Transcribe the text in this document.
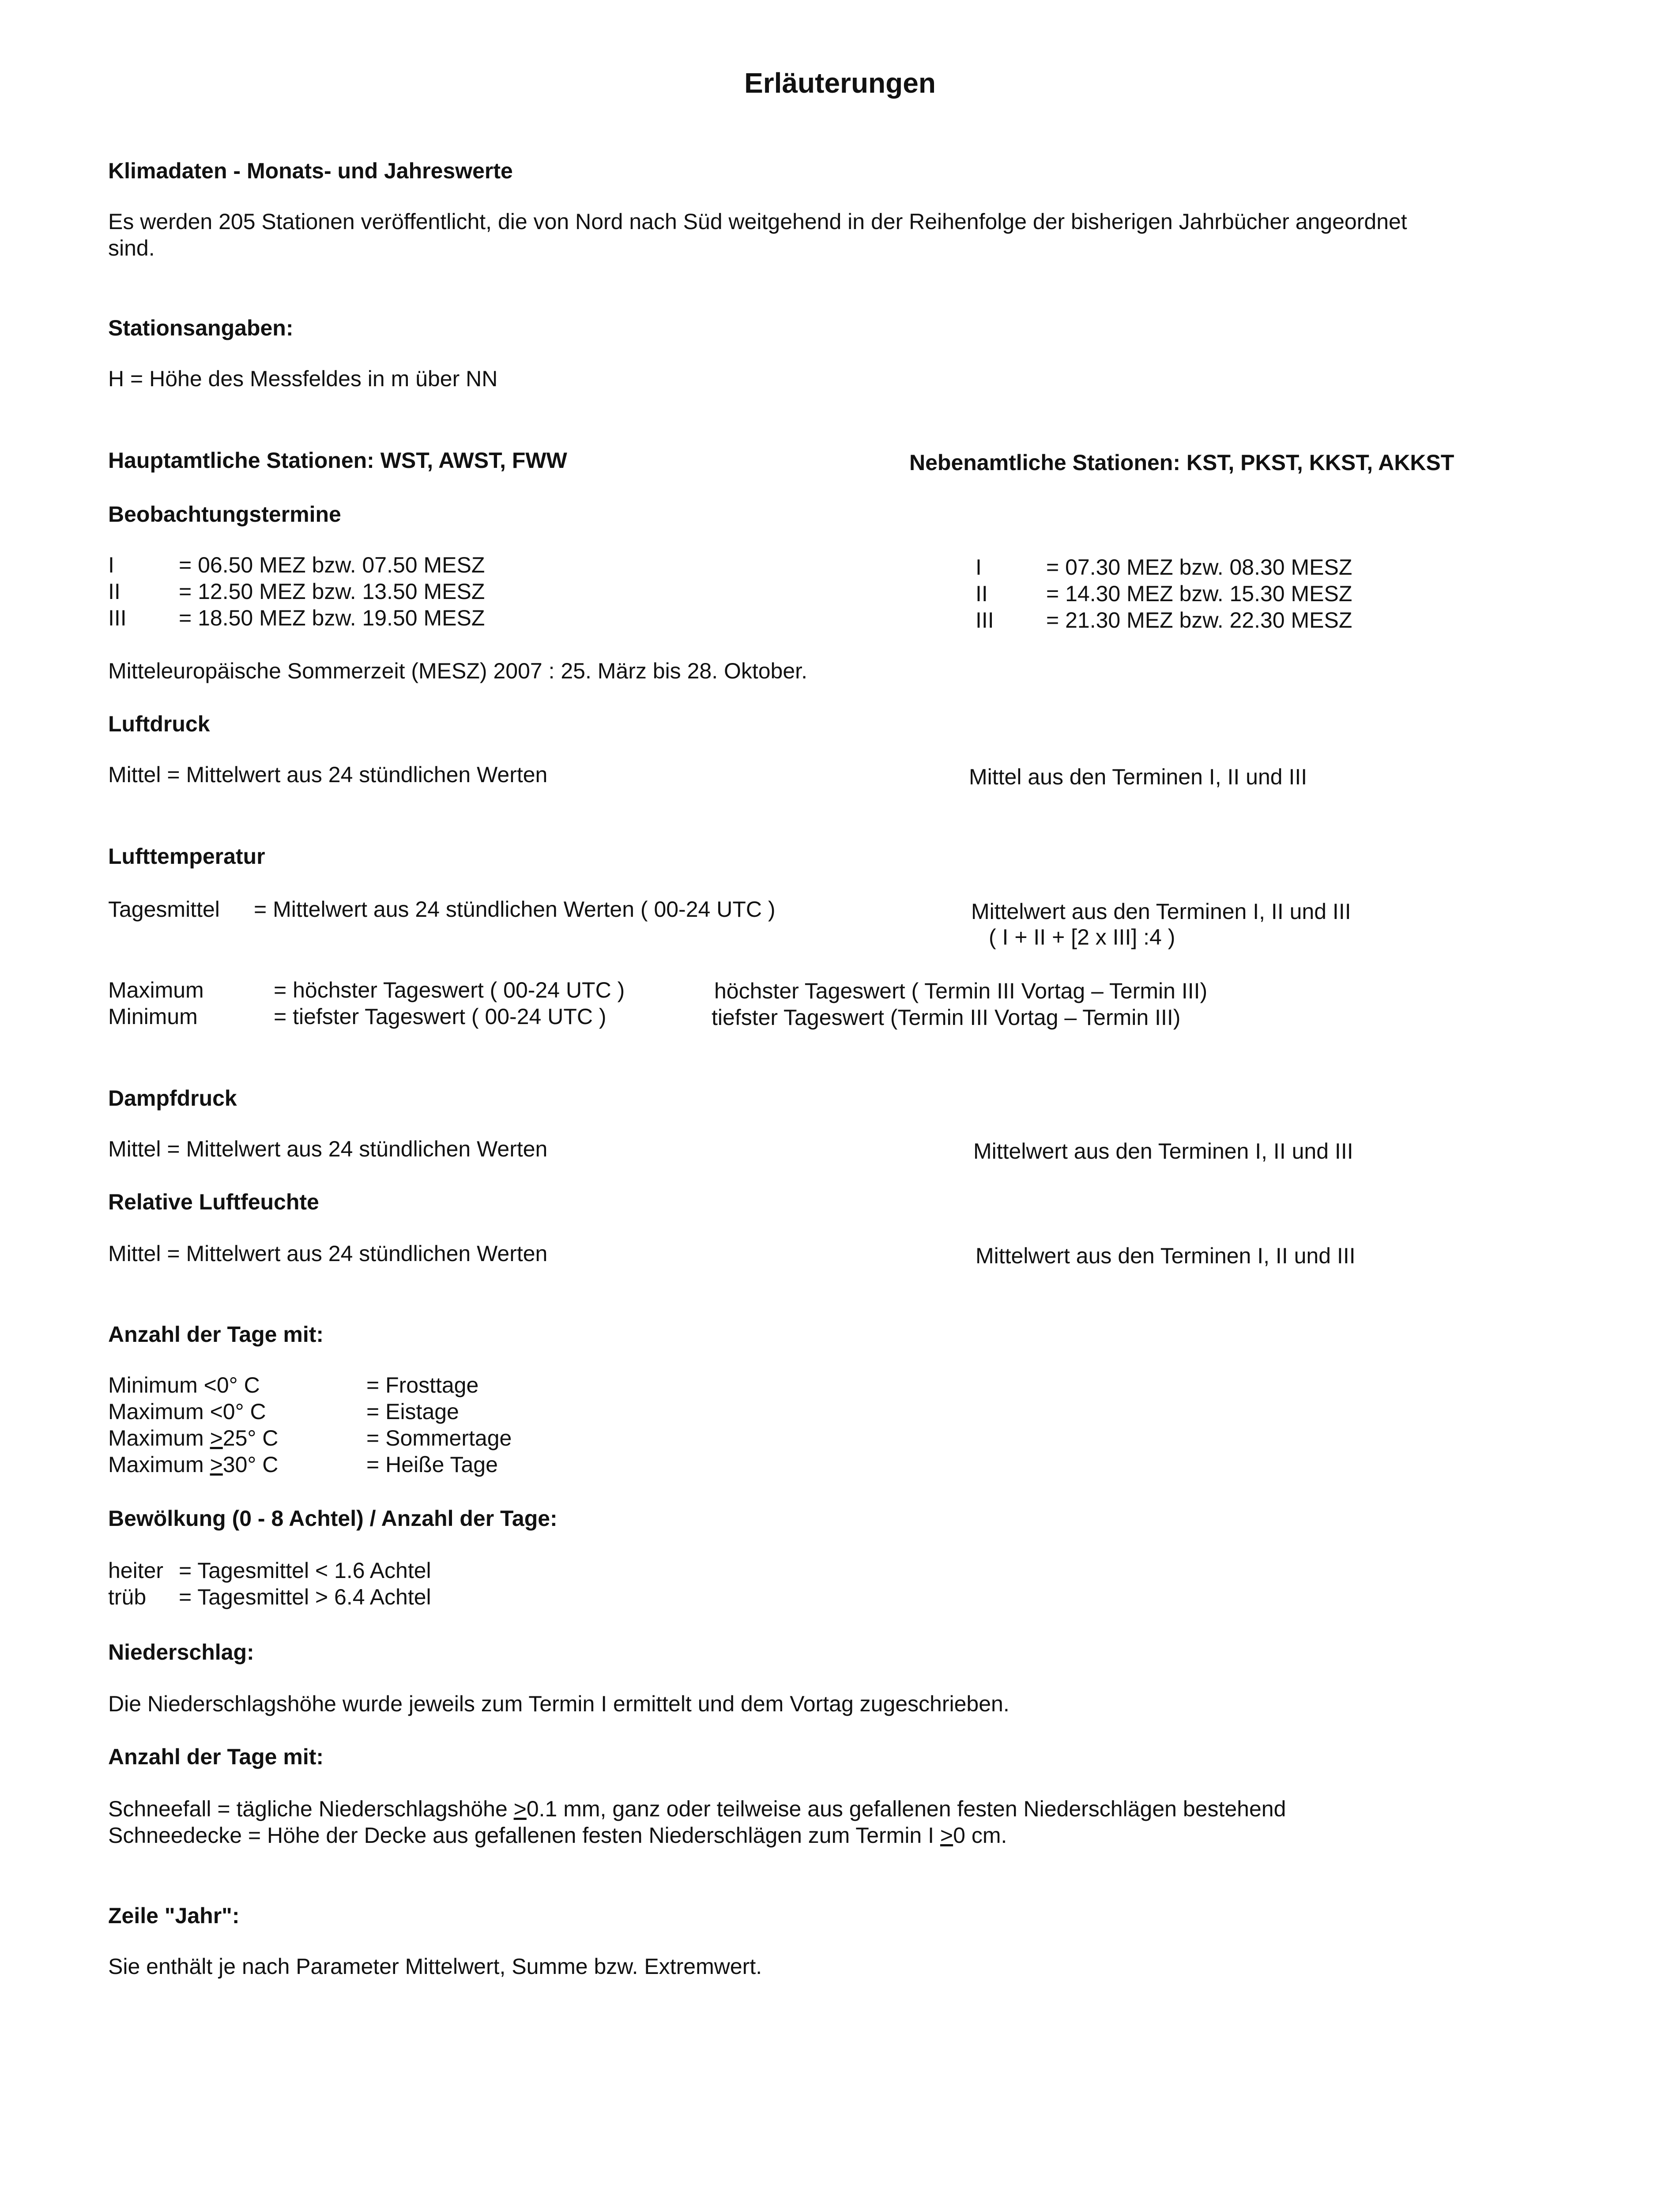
Erläuterungen
Klimadaten - Monats- und Jahreswerte
Es werden 205 Stationen veröffentlicht, die von Nord nach Süd weitgehend in der Reihenfolge der bisherigen Jahrbücher angeordnet
sind.
Stationsangaben:
H = Höhe des Messfeldes in m über NN
Hauptamtliche Stationen: WST, AWST, FWW	Nebenamtliche Stationen: KST, PKST, KKST, AKKST
Beobachtungstermine
I	= 06.50 MEZ bzw. 07.50 MESZ
II	= 12.50 MEZ bzw. 13.50 MESZ
III = 18.50 MEZ bzw. 19.50 MESZ
I	= 07.30 MEZ bzw. 08.30 MESZ
II	= 14.30 MEZ bzw. 15.30 MESZ
III = 21.30 MEZ bzw. 22.30 MESZ
Mitteleuropäische Sommerzeit (MESZ) 2007 : 25. März bis 28. Oktober.
Luftdruck
Mittel = Mittelwert aus 24 stündlichen Werten	Mittel aus den Terminen I, II und III
Lufttemperatur
Tagesmittel = Mittelwert aus 24 stündlichen Werten ( 00-24 UTC )	Mittelwert aus den Terminen I, II und III
( I + II + [2 x III] :4 )
Maximum	= höchster Tageswert ( 00-24 UTC )	höchster Tageswert ( Termin III Vortag – Termin III)
Minimum	= tiefster Tageswert ( 00-24 UTC )	tiefster Tageswert (Termin III Vortag – Termin III)
Dampfdruck
Mittel = Mittelwert aus 24 stündlichen Werten	Mittelwert aus den Terminen I, II und III
Relative Luftfeuchte
Mittel = Mittelwert aus 24 stündlichen Werten	Mittelwert aus den Terminen I, II und III
Anzahl der Tage mit:
Minimum <0° C	= Frosttage
Maximum <0° C	= Eistage
Maximum >25° C	= Sommertage
Maximum >30° C	= Heiße Tage
Bewölkung (0 - 8 Achtel) / Anzahl der Tage:
heiter = Tagesmittel < 1.6 Achtel
trüb = Tagesmittel > 6.4 Achtel
Niederschlag:
Die Niederschlagshöhe wurde jeweils zum Termin I ermittelt und dem Vortag zugeschrieben.
Anzahl der Tage mit:
Schneefall = tägliche Niederschlagshöhe >0.1 mm, ganz oder teilweise aus gefallenen festen Niederschlägen bestehend
Schneedecke = Höhe der Decke aus gefallenen festen Niederschlägen zum Termin I >0 cm.
Zeile "Jahr":
Sie enthält je nach Parameter Mittelwert, Summe bzw. Extremwert.
